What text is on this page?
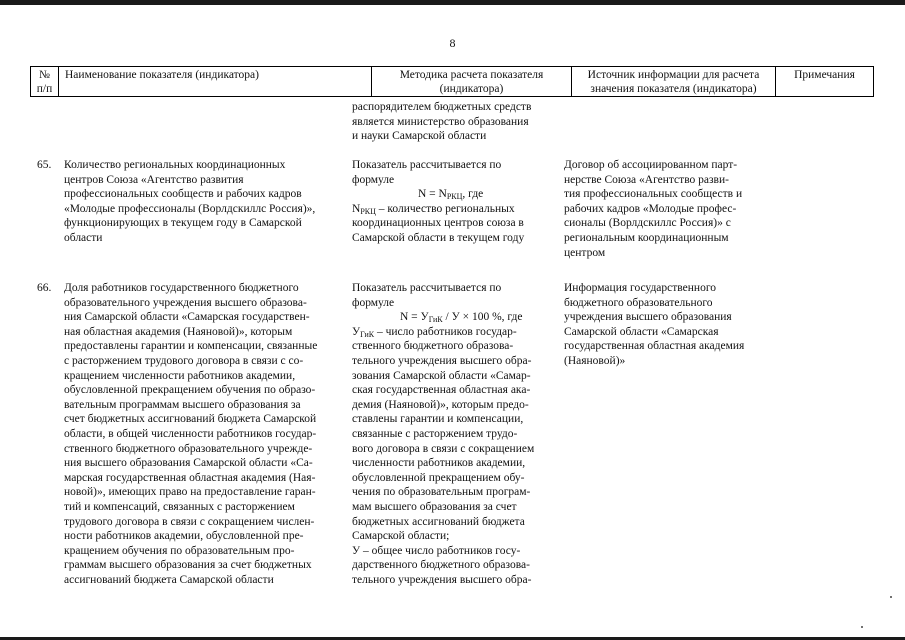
8
№
п/п
Наименование показателя (индикатора)	Методика расчета показателя
(индикатора)
Источник информации для расчета
значения показателя (индикатора)
Примечания
распорядителем бюджетных средств
является министерство образования
и науки Самарской области
65. Количество региональных координационных
центров Союза «Агентство развития
профессиональных сообществ и рабочих кадров
«Молодые профессионалы (Ворлдскиллс Россия)»,
функционирующих в текущем году в Самарской
области
Показатель рассчитывается по
формуле
$N = N_{РКЦ}$, где
$N_{РКЦ}$ – количество региональных
координационных центров союза в
Самарской области в текущем году
Договор об ассоциированном парт-
нерстве Союза «Агентство разви-
тия профессиональных сообществ и
рабочих кадров «Молодые профес-
сионалы (Ворлдскиллс Россия)» с
региональным координационным
центром
66. Доля работников государственного бюджетного
образовательного учреждения высшего образова-
ния Самарской области «Самарская государствен-
ная областная академия (Наяновой)», которым
предоставлены гарантии и компенсации, связанные
с расторжением трудового договора в связи с со-
кращением численности работников академии,
обусловленной прекращением обучения по образо-
вательным программам высшего образования за
счет бюджетных ассигнований бюджета Самарской
области, в общей численности работников государ-
ственного бюджетного образовательного учрежде-
ния высшего образования Самарской области «Са-
марская государственная областная академия (Ная-
новой)», имеющих право на предоставление гаран-
тий и компенсаций, связанных с расторжением
трудового договора в связи с сокращением числен-
ности работников академии, обусловленной пре-
кращением обучения по образовательным про-
граммам высшего образования за счет бюджетных
ассигнований бюджета Самарской области
Показатель рассчитывается по
формуле
$N = У_{ГиК} / У \times 100$ %, где
$У_{ГиК}$ – число работников государ-
ственного бюджетного образова-
тельного учреждения высшего обра-
зования Самарской области «Самар-
ская государственная областная ака-
демия (Наяновой)», которым предо-
ставлены гарантии и компенсации,
связанные с расторжением трудо-
вого договора в связи с сокращением
численности работников академии,
обусловленной прекращением обу-
чения по образовательным програм-
мам высшего образования за счет
бюджетных ассигнований бюджета
Самарской области;
У – общее число работников госу-
дарственного бюджетного образова-
тельного учреждения высшего обра-
Информация государственного
бюджетного образовательного
учреждения высшего образования
Самарской области «Самарская
государственная областная академия
(Наяновой)»
